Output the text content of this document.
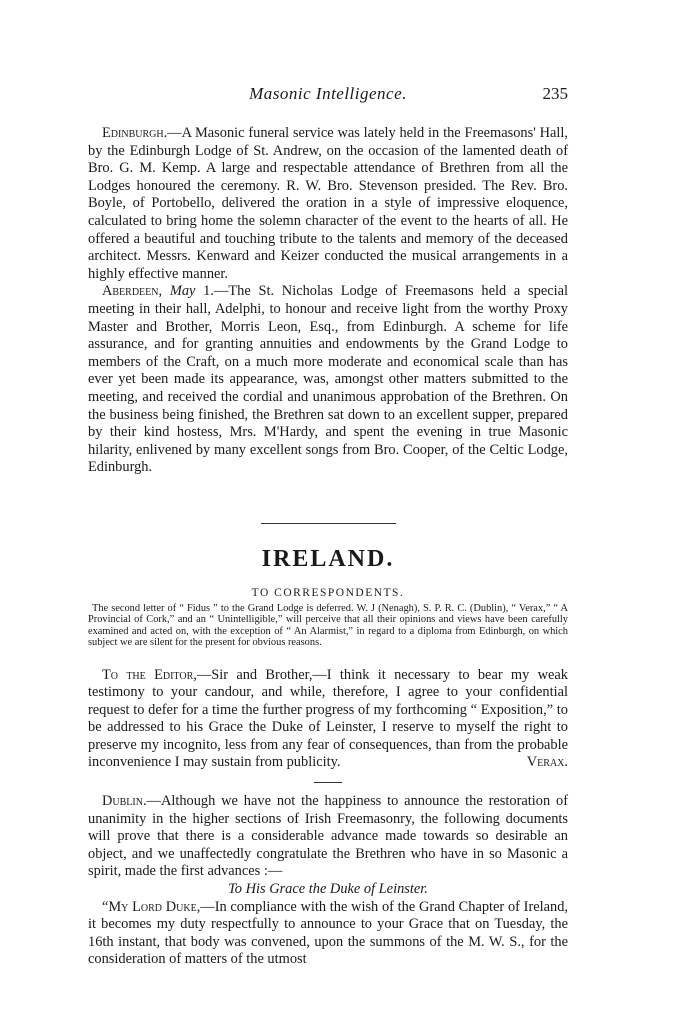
Masonic Intelligence.	235

Edinburgh.—A Masonic funeral service was lately held in the Freemasons' Hall, by the Edinburgh Lodge of St. Andrew, on the occasion of the lamented death of Bro. G. M. Kemp. A large and respectable attendance of Brethren from all the Lodges honoured the ceremony. R. W. Bro. Stevenson presided. The Rev. Bro. Boyle, of Portobello, delivered the oration in a style of impressive eloquence, calculated to bring home the solemn character of the event to the hearts of all. He offered a beautiful and touching tribute to the talents and memory of the deceased architect. Messrs. Kenward and Keizer conducted the musical arrangements in a highly effective manner.

Aberdeen, May 1.—The St. Nicholas Lodge of Freemasons held a special meeting in their hall, Adelphi, to honour and receive light from the worthy Proxy Master and Brother, Morris Leon, Esq., from Edinburgh. A scheme for life assurance, and for granting annuities and endowments by the Grand Lodge to members of the Craft, on a much more moderate and economical scale than has ever yet been made its appearance, was, amongst other matters submitted to the meeting, and received the cordial and unanimous approbation of the Brethren. On the business being finished, the Brethren sat down to an excellent supper, prepared by their kind hostess, Mrs. M'Hardy, and spent the evening in true Masonic hilarity, enlivened by many excellent songs from Bro. Cooper, of the Celtic Lodge, Edinburgh.

IRELAND.
TO CORRESPONDENTS.

The second letter of “ Fidus ” to the Grand Lodge is deferred. W. J (Nenagh), S. P. R. C. (Dublin), “ Verax,” “ A Provincial of Cork,” and an “ Unintelligible,” will perceive that all their opinions and views have been carefully examined and acted on, with the exception of “ An Alarmist,” in regard to a diploma from Edinburgh, on which subject we are silent for the present for obvious reasons.

To the Editor,—Sir and Brother,—I think it necessary to bear my weak testimony to your candour, and while, therefore, I agree to your confidential request to defer for a time the further progress of my forthcoming “ Exposition,” to be addressed to his Grace the Duke of Leinster, I reserve to myself the right to preserve my incognito, less from any fear of consequences, than from the probable inconvenience I may sustain from publicity.	Verax.

Dublin.—Although we have not the happiness to announce the restoration of unanimity in the higher sections of Irish Freemasonry, the following documents will prove that there is a considerable advance made towards so desirable an object, and we unaffectedly congratulate the Brethren who have in so Masonic a spirit, made the first advances :—

To His Grace the Duke of Leinster.

“My Lord Duke,—In compliance with the wish of the Grand Chapter of Ireland, it becomes my duty respectfully to announce to your Grace that on Tuesday, the 16th instant, that body was convened, upon the summons of the M. W. S., for the consideration of matters of the utmost
